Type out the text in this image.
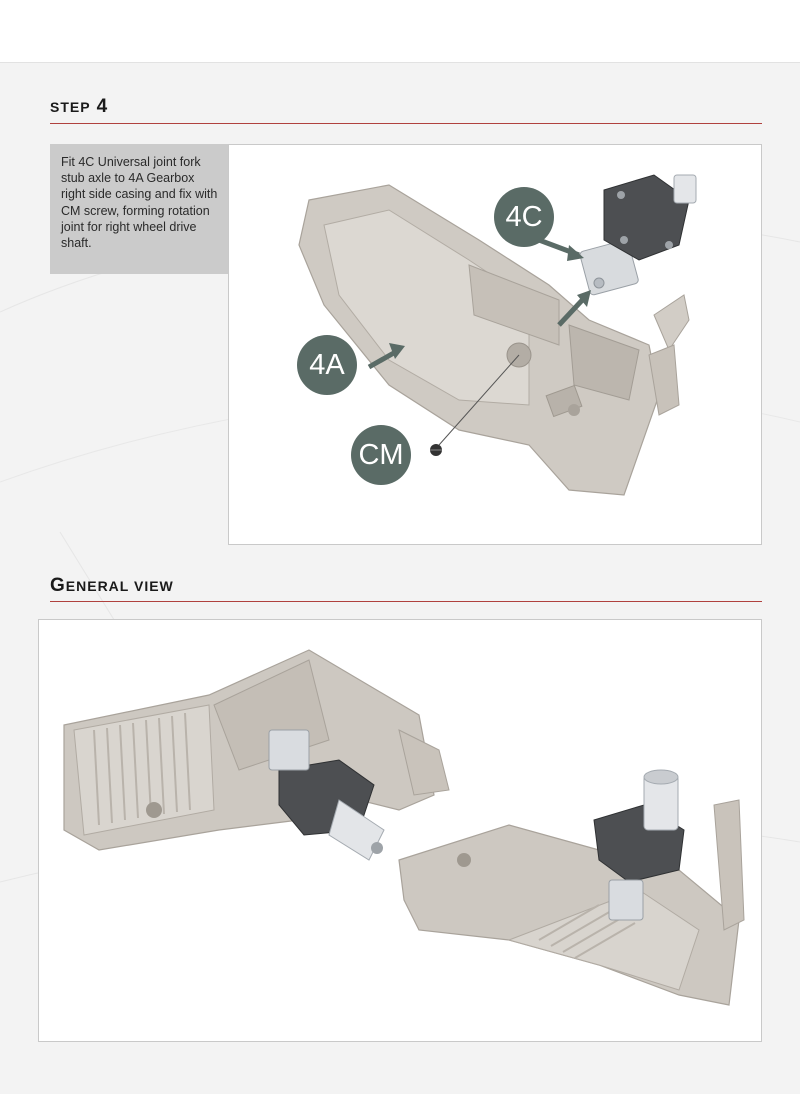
STEP 4
Fit 4C Universal joint fork stub axle to 4A Gearbox right side casing and fix with CM screw, forming rotation joint for right wheel drive shaft.
4C
4A
CM
GENERAL VIEW
